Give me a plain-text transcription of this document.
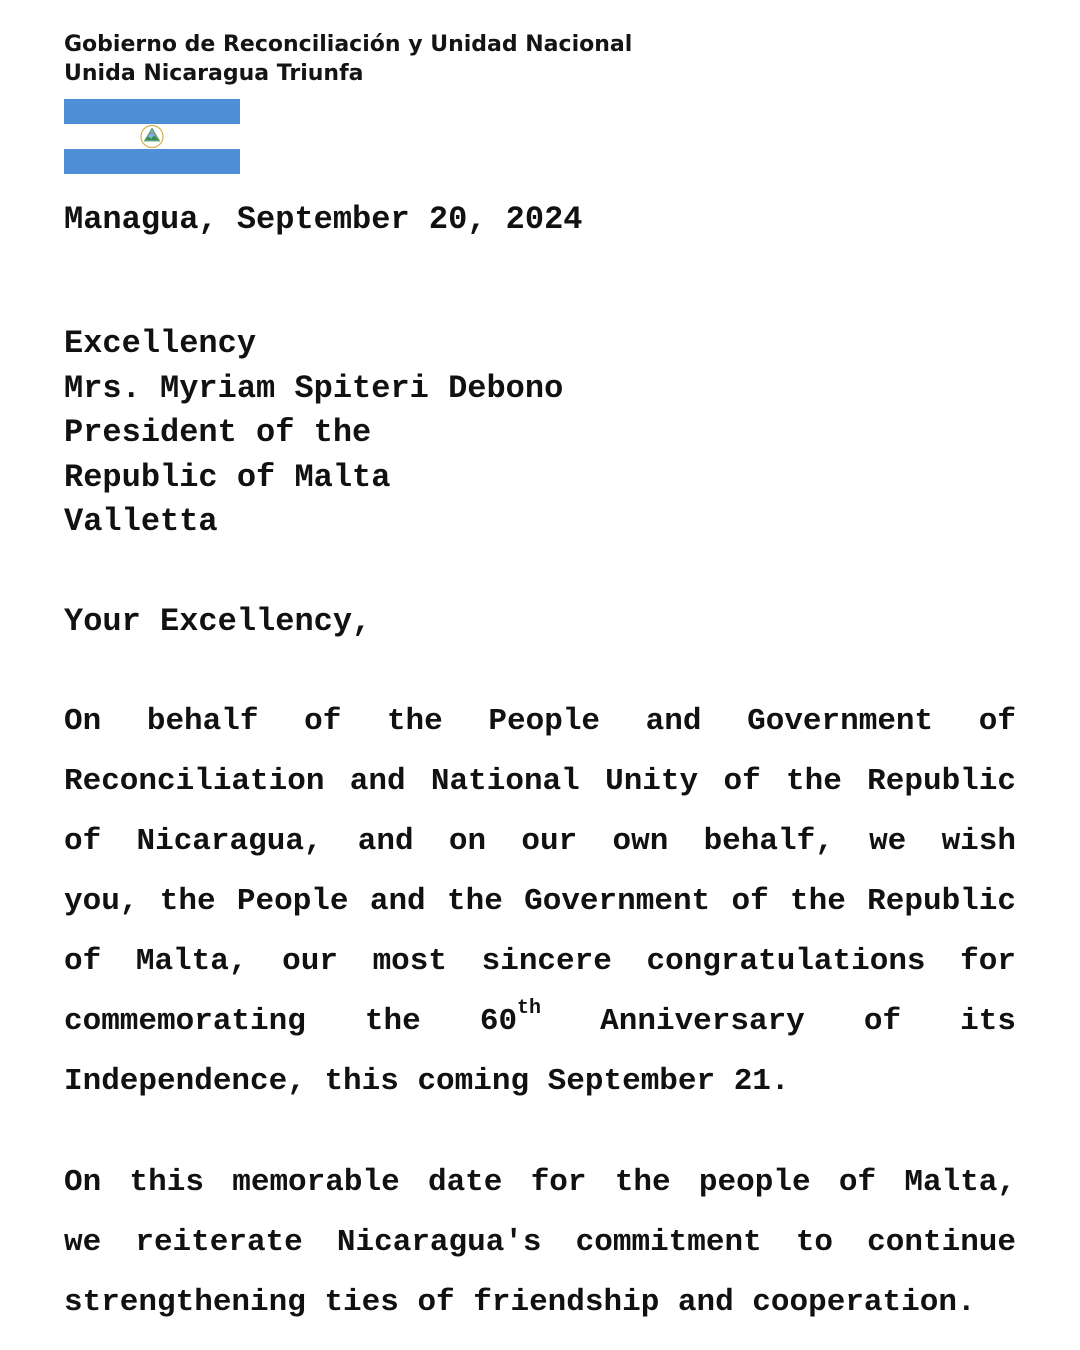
Gobierno de Reconciliación y Unidad Nacional
Unida Nicaragua Triunfa
Managua, September 20, 2024
Excellency
Mrs. Myriam Spiteri Debono
President of the
Republic of Malta
Valletta
Your Excellency,
On behalf of the People and Government of
Reconciliation and National Unity of the Republic
of Nicaragua, and on our own behalf, we wish
you, the People and the Government of the Republic
of Malta, our most sincere congratulations for
commemorating the 60th Anniversary of its
Independence, this coming September 21.
On this memorable date for the people of Malta,
we reiterate Nicaragua's commitment to continue
strengthening ties of friendship and cooperation.
